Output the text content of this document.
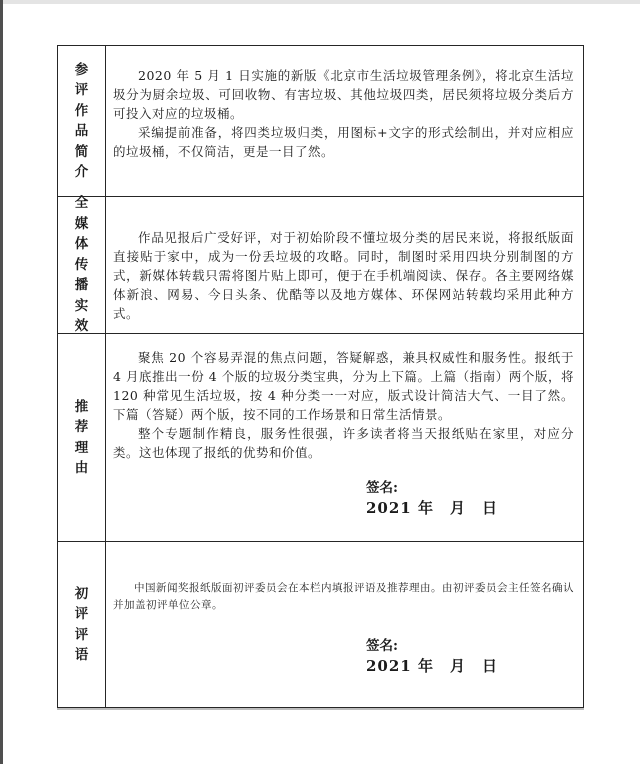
参评作品简介

2020 年 5 月 1 日实施的新版《北京市生活垃圾管理条例》，将北京生活垃圾分为厨余垃圾、可回收物、有害垃圾、其他垃圾四类，居民须将垃圾分类后方可投入对应的垃圾桶。

采编提前准备，将四类垃圾归类，用图标+文字的形式绘制出，并对应相应的垃圾桶，不仅简洁，更是一目了然。

全媒体传播实效

作品见报后广受好评，对于初始阶段不懂垃圾分类的居民来说，将报纸版面直接贴于家中，成为一份丢垃圾的攻略。同时，制图时采用四块分别制图的方式，新媒体转载只需将图片贴上即可，便于在手机端阅读、保存。各主要网络媒体新浪、网易、今日头条、优酷等以及地方媒体、环保网站转载均采用此种方式。

推荐理由

聚焦 20 个容易弄混的焦点问题，答疑解惑，兼具权威性和服务性。报纸于 4 月底推出一份 4 个版的垃圾分类宝典，分为上下篇。上篇（指南）两个版，将 120 种常见生活垃圾，按 4 种分类一一对应，版式设计简洁大气、一目了然。下篇（答疑）两个版，按不同的工作场景和日常生活情景。

整个专题制作精良，服务性很强，许多读者将当天报纸贴在家里，对应分类。这也体现了报纸的优势和价值。

签名:
2021 年　月　日
初评评语

中国新闻奖报纸版面初评委员会在本栏内填报评语及推荐理由。由初评委员会主任签名确认并加盖初评单位公章。

签名:
2021 年　月　日
